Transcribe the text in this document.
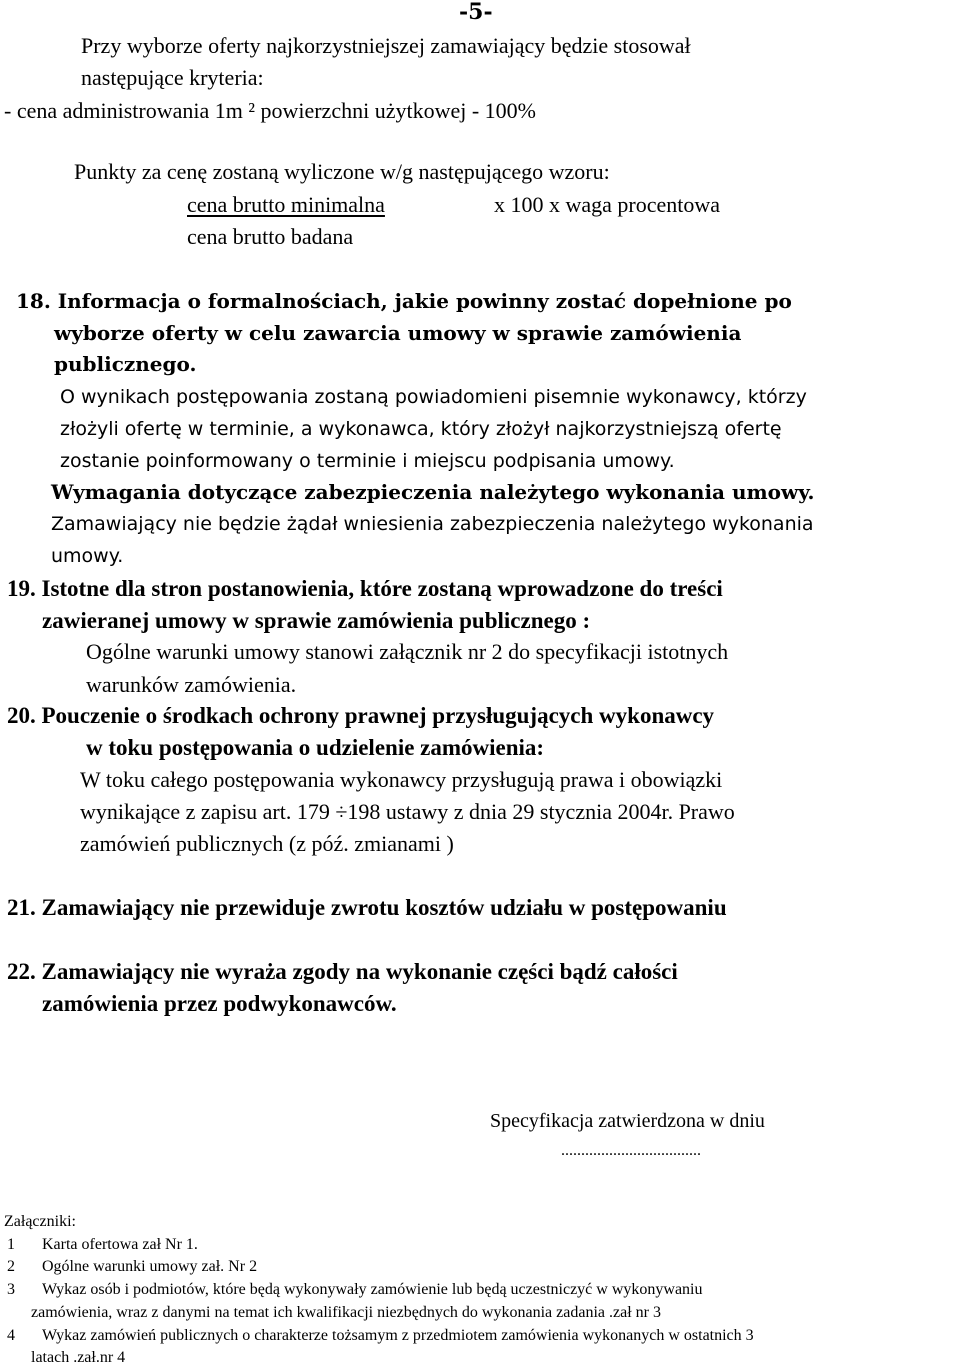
-5-
Przy wyborze oferty najkorzystniejszej zamawiający będzie stosował
następujące kryteria:
- cena administrowania 1m ² powierzchni użytkowej - 100%
Punkty za cenę zostaną wyliczone w/g następującego wzoru:
cena brutto minimalna	x 100 x waga procentowa
cena brutto badana
18. Informacja o formalnościach, jakie powinny zostać dopełnione po
wyborze oferty w celu zawarcia umowy w sprawie zamówienia
publicznego.
O wynikach postępowania zostaną powiadomieni pisemnie wykonawcy, którzy
złożyli ofertę w terminie, a wykonawca, który złożył najkorzystniejszą ofertę
zostanie poinformowany o terminie i miejscu podpisania umowy.
Wymagania dotyczące zabezpieczenia należytego wykonania umowy.
Zamawiający nie będzie żądał wniesienia zabezpieczenia należytego wykonania
umowy.
19. Istotne dla stron postanowienia, które zostaną wprowadzone do treści
zawieranej umowy w sprawie zamówienia publicznego :
Ogólne warunki umowy stanowi załącznik nr 2 do specyfikacji istotnych
warunków zamówienia.
20. Pouczenie o środkach ochrony prawnej przysługujących wykonawcy
w toku postępowania o udzielenie zamówienia:
W toku całego postępowania wykonawcy przysługują prawa i obowiązki
wynikające z zapisu art. 179 ÷198 ustawy z dnia 29 stycznia 2004r. Prawo
zamówień publicznych (z póź. zmianami )
21. Zamawiający nie przewiduje zwrotu kosztów udziału w postępowaniu
22. Zamawiający nie wyraża zgody na wykonanie części bądź całości
zamówienia przez podwykonawców.
Specyfikacja zatwierdzona w dniu
...................................
Załączniki:
1 Karta ofertowa zał Nr 1.
2 Ogólne warunki umowy zał. Nr 2
3 Wykaz osób i podmiotów, które będą wykonywały zamówienie lub będą uczestniczyć w wykonywaniu
zamówienia, wraz z danymi na temat ich kwalifikacji niezbędnych do wykonania zadania .zał nr 3
4 Wykaz zamówień publicznych o charakterze tożsamym z przedmiotem zamówienia wykonanych w ostatnich 3
latach .zał.nr 4
